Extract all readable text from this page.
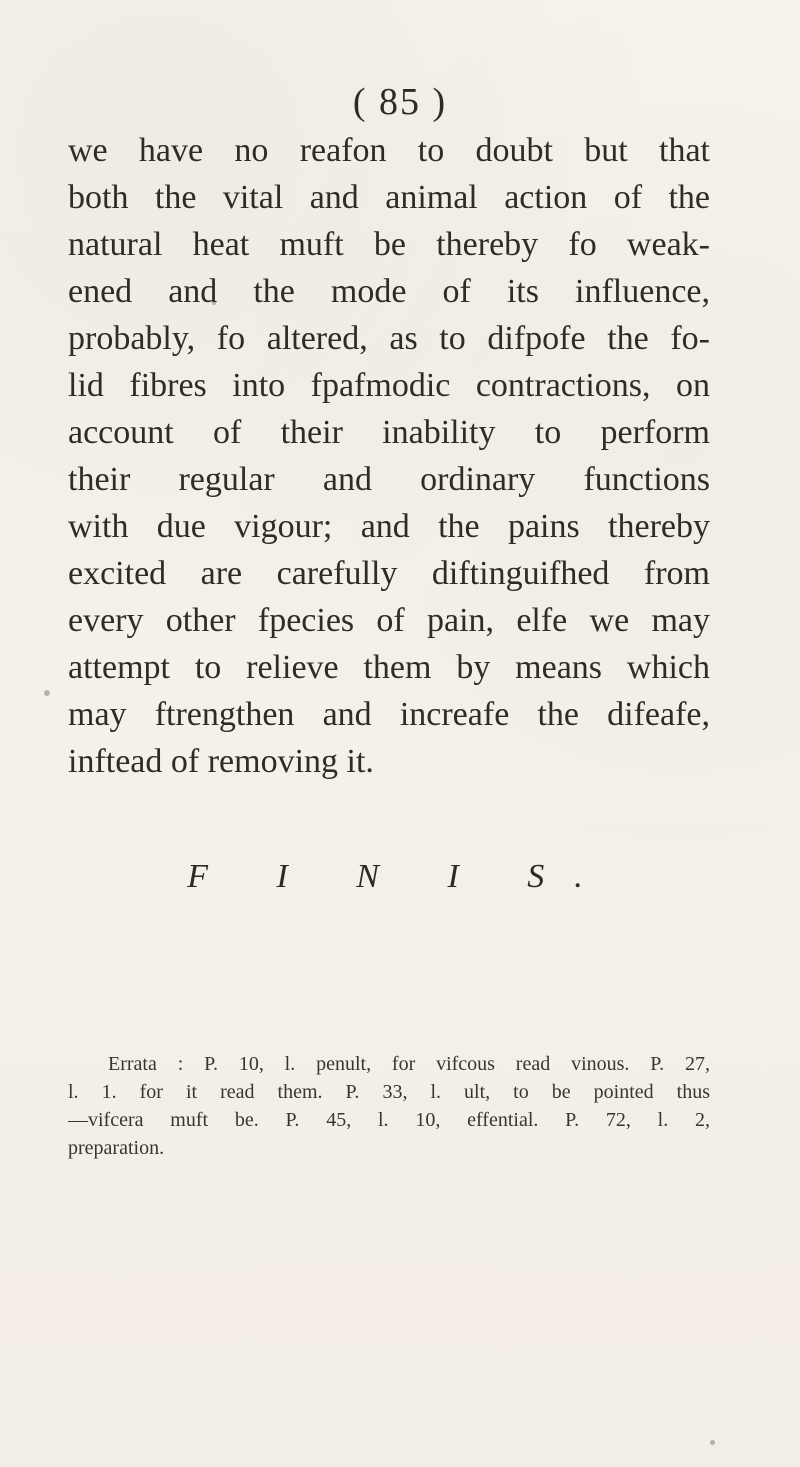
( 85 )
we have no reafon to doubt but that
both the vital and animal action of the
natural heat muft be thereby fo weak-
ened and the mode of its influence,
probably, fo altered, as to difpofe the fo-
lid fibres into fpafmodic contractions, on
account of their inability to perform
their regular and ordinary functions
with due vigour; and the pains thereby
excited are carefully diftinguifhed from
every other fpecies of pain, elfe we may
attempt to relieve them by means which
may ftrengthen and increafe the difeafe,
inftead of removing it.
F I N I S.
Errata : P. 10, l. penult, for vifcous read vinous. P. 27,
l. 1. for it read them. P. 33, l. ult, to be pointed thus
—vifcera muft be. P. 45, l. 10, effential. P. 72, l. 2,
preparation.
